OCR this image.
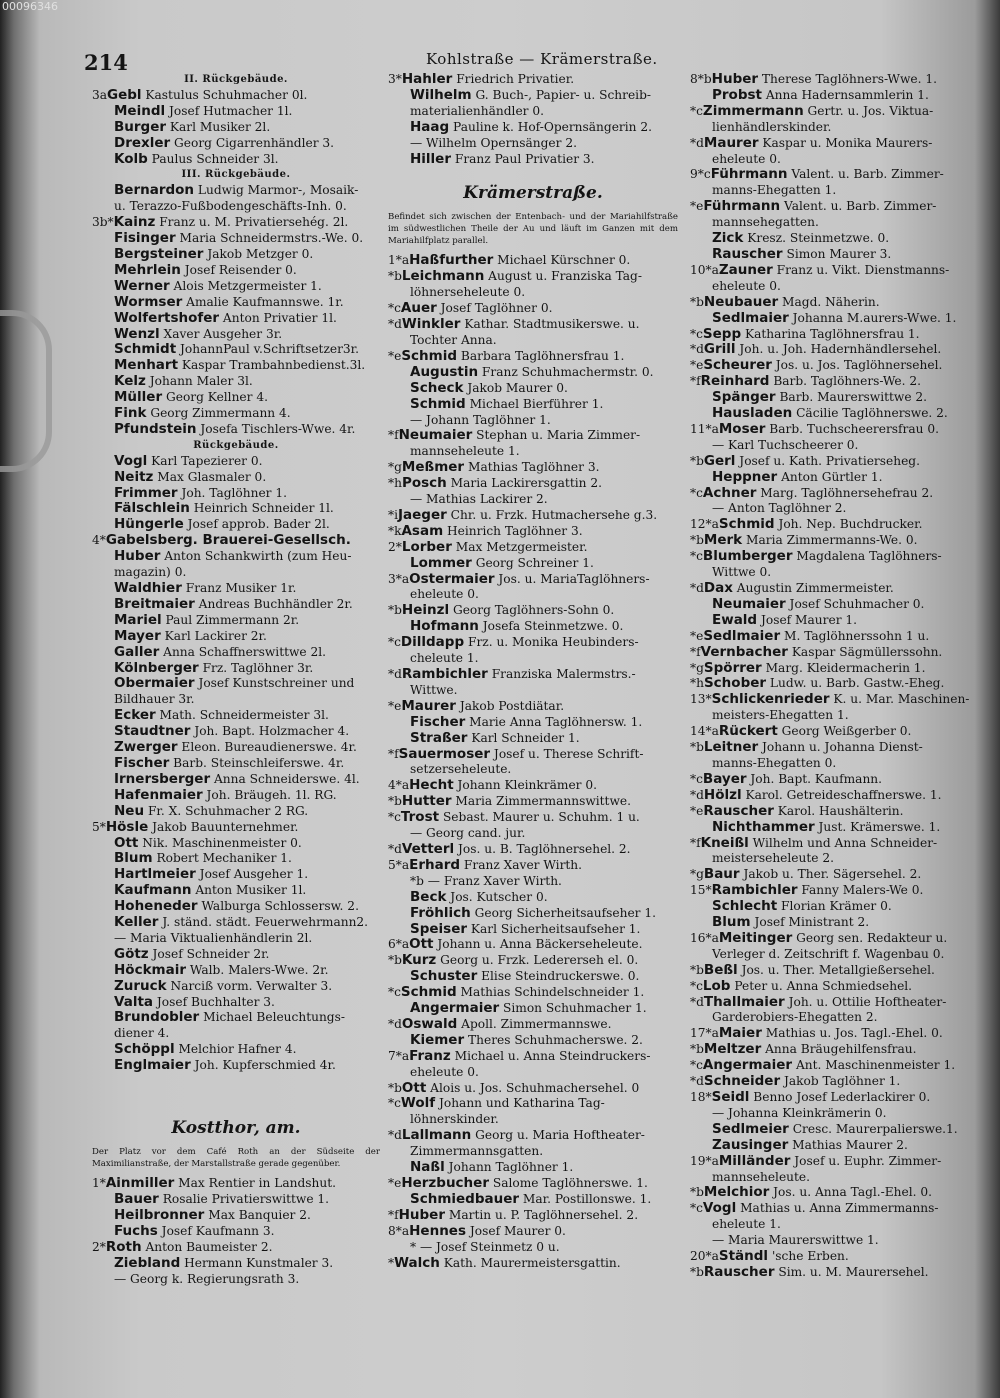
00096346
214	Kohlstraße — Krämerstraße.
II. Rückgebäude.
3aGebl Kastulus Schuhmacher 0l.
Meindl Josef Hutmacher 1l.
Burger Karl Musiker 2l.
Drexler Georg Cigarrenhändler 3.
Kolb Paulus Schneider 3l.
III. Rückgebäude.
Bernardon Ludwig Marmor-, Mosaik-
u. Terazzo-Fußbodengeschäfts-Inh. 0.
3b*Kainz Franz u. M. Privatiersehég. 2l.
Fisinger Maria Schneidermstrs.-We. 0.
Bergsteiner Jakob Metzger 0.
Mehrlein Josef Reisender 0.
Werner Alois Metzgermeister 1.
Wormser Amalie Kaufmannswe. 1r.
Wolfertshofer Anton Privatier 1l.
Wenzl Xaver Ausgeher 3r.
Schmidt JohannPaul v.Schriftsetzer3r.
Menhart Kaspar Trambahnbedienst.3l.
Kelz Johann Maler 3l.
Müller Georg Kellner 4.
Fink Georg Zimmermann 4.
Pfundstein Josefa Tischlers-Wwe. 4r.
Rückgebäude.
Vogl Karl Tapezierer 0.
Neitz Max Glasmaler 0.
Frimmer Joh. Taglöhner 1.
Fälschlein Heinrich Schneider 1l.
Hüngerle Josef approb. Bader 2l.
4*Gabelsberg. Brauerei-Gesellsch.
Huber Anton Schankwirth (zum Heu-
magazin) 0.
Waldhier Franz Musiker 1r.
Breitmaier Andreas Buchhändler 2r.
Mariel Paul Zimmermann 2r.
Mayer Karl Lackirer 2r.
Galler Anna Schaffnerswittwe 2l.
Kölnberger Frz. Taglöhner 3r.
Obermaier Josef Kunstschreiner und
Bildhauer 3r.
Ecker Math. Schneidermeister 3l.
Staudtner Joh. Bapt. Holzmacher 4.
Zwerger Eleon. Bureaudienerswe. 4r.
Fischer Barb. Steinschleiferswe. 4r.
Irnersberger Anna Schneiderswe. 4l.
Hafenmaier Joh. Bräugeh. 1l. RG.
Neu Fr. X. Schuhmacher 2 RG.
5*Hösle Jakob Bauunternehmer.
Ott Nik. Maschinenmeister 0.
Blum Robert Mechaniker 1.
Hartlmeier Josef Ausgeher 1.
Kaufmann Anton Musiker 1l.
Hoheneder Walburga Schlossersw. 2.
Keller J. ständ. städt. Feuerwehrmann2.
— Maria Viktualienhändlerin 2l.
Götz Josef Schneider 2r.
Höckmair Walb. Malers-Wwe. 2r.
Zuruck Narciß vorm. Verwalter 3.
Valta Josef Buchhalter 3.
Brundobler Michael Beleuchtungs-
diener 4.
Schöppl Melchior Hafner 4.
Englmaier Joh. Kupferschmied 4r.
Kostthor, am.
Der Platz vor dem Café Roth an der Südseite der Maximilianstraße, der Marstallstraße gerade gegenüber.
1*Ainmiller Max Rentier in Landshut.
Bauer Rosalie Privatierswittwe 1.
Heilbronner Max Banquier 2.
Fuchs Josef Kaufmann 3.
2*Roth Anton Baumeister 2.
Ziebland Hermann Kunstmaler 3.
— Georg k. Regierungsrath 3.
3*Hahler Friedrich Privatier.
Wilhelm G. Buch-, Papier- u. Schreib-
materialienhändler 0.
Haag Pauline k. Hof-Opernsängerin 2.
— Wilhelm Opernsänger 2.
Hiller Franz Paul Privatier 3.
Krämerstraße.
Befindet sich zwischen der Entenbach- und der Mariahilfstraße im südwestlichen Theile der Au und läuft im Ganzen mit dem Mariahilfplatz parallel.
1*aHaßfurther Michael Kürschner 0.
*bLeichmann August u. Franziska Tag-
löhnerseheleute 0.
*cAuer Josef Taglöhner 0.
*dWinkler Kathar. Stadtmusikerswe. u.
Tochter Anna.
*eSchmid Barbara Taglöhnersfrau 1.
Augustin Franz Schuhmachermstr. 0.
Scheck Jakob Maurer 0.
Schmid Michael Bierführer 1.
— Johann Taglöhner 1.
*fNeumaier Stephan u. Maria Zimmer-
mannseheleute 1.
*gMeßmer Mathias Taglöhner 3.
*hPosch Maria Lackirersgattin 2.
— Mathias Lackirer 2.
*iJaeger Chr. u. Frzk. Hutmachersehe g.3.
*kAsam Heinrich Taglöhner 3.
2*Lorber Max Metzgermeister.
Lommer Georg Schreiner 1.
3*aOstermaier Jos. u. MariaTaglöhners-
eheleute 0.
*bHeinzl Georg Taglöhners-Sohn 0.
Hofmann Josefa Steinmetzwe. 0.
*cDilldapp Frz. u. Monika Heubinders-
cheleute 1.
*dRambichler Franziska Malermstrs.-
Wittwe.
*eMaurer Jakob Postdiätar.
Fischer Marie Anna Taglöhnersw. 1.
Straßer Karl Schneider 1.
*fSauermoser Josef u. Therese Schrift-
setzerseheleute.
4*aHecht Johann Kleinkrämer 0.
*bHutter Maria Zimmermannswittwe.
*cTrost Sebast. Maurer u. Schuhm. 1 u.
— Georg cand. jur.
*dVetterl Jos. u. B. Taglöhnersehel. 2.
5*aErhard Franz Xaver Wirth.
*b — Franz Xaver Wirth.
Beck Jos. Kutscher 0.
Fröhlich Georg Sicherheitsaufseher 1.
Speiser Karl Sicherheitsaufseher 1.
6*aOtt Johann u. Anna Bäckerseheleute.
*bKurz Georg u. Frzk. Ledererseh el. 0.
Schuster Elise Steindruckerswe. 0.
*cSchmid Mathias Schindelschneider 1.
Angermaier Simon Schuhmacher 1.
*dOswald Apoll. Zimmermannswe.
Kiemer Theres Schuhmacherswe. 2.
7*aFranz Michael u. Anna Steindruckers-
eheleute 0.
*bOtt Alois u. Jos. Schuhmachersehel. 0
*cWolf Johann und Katharina Tag-
löhnerskinder.
*dLallmann Georg u. Maria Hoftheater-
Zimmermannsgatten.
Naßl Johann Taglöhner 1.
*eHerzbucher Salome Taglöhnerswe. 1.
Schmiedbauer Mar. Postillonswe. 1.
*fHuber Martin u. P. Taglöhnersehel. 2.
8*aHennes Josef Maurer 0.
* — Josef Steinmetz 0 u.
*Walch Kath. Maurermeistersgattin.
8*bHuber Therese Taglöhners-Wwe. 1.
Probst Anna Hadernsammlerin 1.
*cZimmermann Gertr. u. Jos. Viktua-
lienhändlerskinder.
*dMaurer Kaspar u. Monika Maurers-
eheleute 0.
9*cFührmann Valent. u. Barb. Zimmer-
manns-Ehegatten 1.
*eFührmann Valent. u. Barb. Zimmer-
mannsehegatten.
Zick Kresz. Steinmetzwe. 0.
Rauscher Simon Maurer 3.
10*aZauner Franz u. Vikt. Dienstmanns-
eheleute 0.
*bNeubauer Magd. Näherin.
Sedlmaier Johanna M.aurers-Wwe. 1.
*cSepp Katharina Taglöhnersfrau 1.
*dGrill Joh. u. Joh. Hadernhändlersehel.
*eScheurer Jos. u. Jos. Taglöhnersehel.
*fReinhard Barb. Taglöhners-We. 2.
Spänger Barb. Maurerswittwe 2.
Hausladen Cäcilie Taglöhnerswe. 2.
11*aMoser Barb. Tuchscheerersfrau 0.
— Karl Tuchscheerer 0.
*bGerl Josef u. Kath. Privatierseheg.
Heppner Anton Gürtler 1.
*cAchner Marg. Taglöhnersehefrau 2.
— Anton Taglöhner 2.
12*aSchmid Joh. Nep. Buchdrucker.
*bMerk Maria Zimmermanns-We. 0.
*cBlumberger Magdalena Taglöhners-
Wittwe 0.
*dDax Augustin Zimmermeister.
Neumaier Josef Schuhmacher 0.
Ewald Josef Maurer 1.
*eSedlmaier M. Taglöhnerssohn 1 u.
*fVernbacher Kaspar Sägmüllerssohn.
*gSpörrer Marg. Kleidermacherin 1.
*hSchober Ludw. u. Barb. Gastw.-Eheg.
13*Schlickenrieder K. u. Mar. Maschinen-
meisters-Ehegatten 1.
14*aRückert Georg Weißgerber 0.
*bLeitner Johann u. Johanna Dienst-
manns-Ehegatten 0.
*cBayer Joh. Bapt. Kaufmann.
*dHölzl Karol. Getreideschaffnerswe. 1.
*eRauscher Karol. Haushälterin.
Nichthammer Just. Krämerswe. 1.
*fKneißl Wilhelm und Anna Schneider-
meisterseheleute 2.
*gBaur Jakob u. Ther. Sägersehel. 2.
15*Rambichler Fanny Malers-We 0.
Schlecht Florian Krämer 0.
Blum Josef Ministrant 2.
16*aMeitinger Georg sen. Redakteur u.
Verleger d. Zeitschrift f. Wagenbau 0.
*bBeßl Jos. u. Ther. Metallgießersehel.
*cLob Peter u. Anna Schmiedsehel.
*dThallmaier Joh. u. Ottilie Hoftheater-
Garderobiers-Ehegatten 2.
17*aMaier Mathias u. Jos. Tagl.-Ehel. 0.
*bMeltzer Anna Bräugehilfensfrau.
*cAngermaier Ant. Maschinenmeister 1.
*dSchneider Jakob Taglöhner 1.
18*Seidl Benno Josef Lederlackirer 0.
— Johanna Kleinkrämerin 0.
Sedlmeier Cresc. Maurerpalierswe.1.
Zausinger Mathias Maurer 2.
19*aMilländer Josef u. Euphr. Zimmer-
mannseheleute.
*bMelchior Jos. u. Anna Tagl.-Ehel. 0.
*cVogl Mathias u. Anna Zimmermanns-
eheleute 1.
— Maria Maurerswittwe 1.
20*aStändl 'sche Erben.
*bRauscher Sim. u. M. Maurersehel.
